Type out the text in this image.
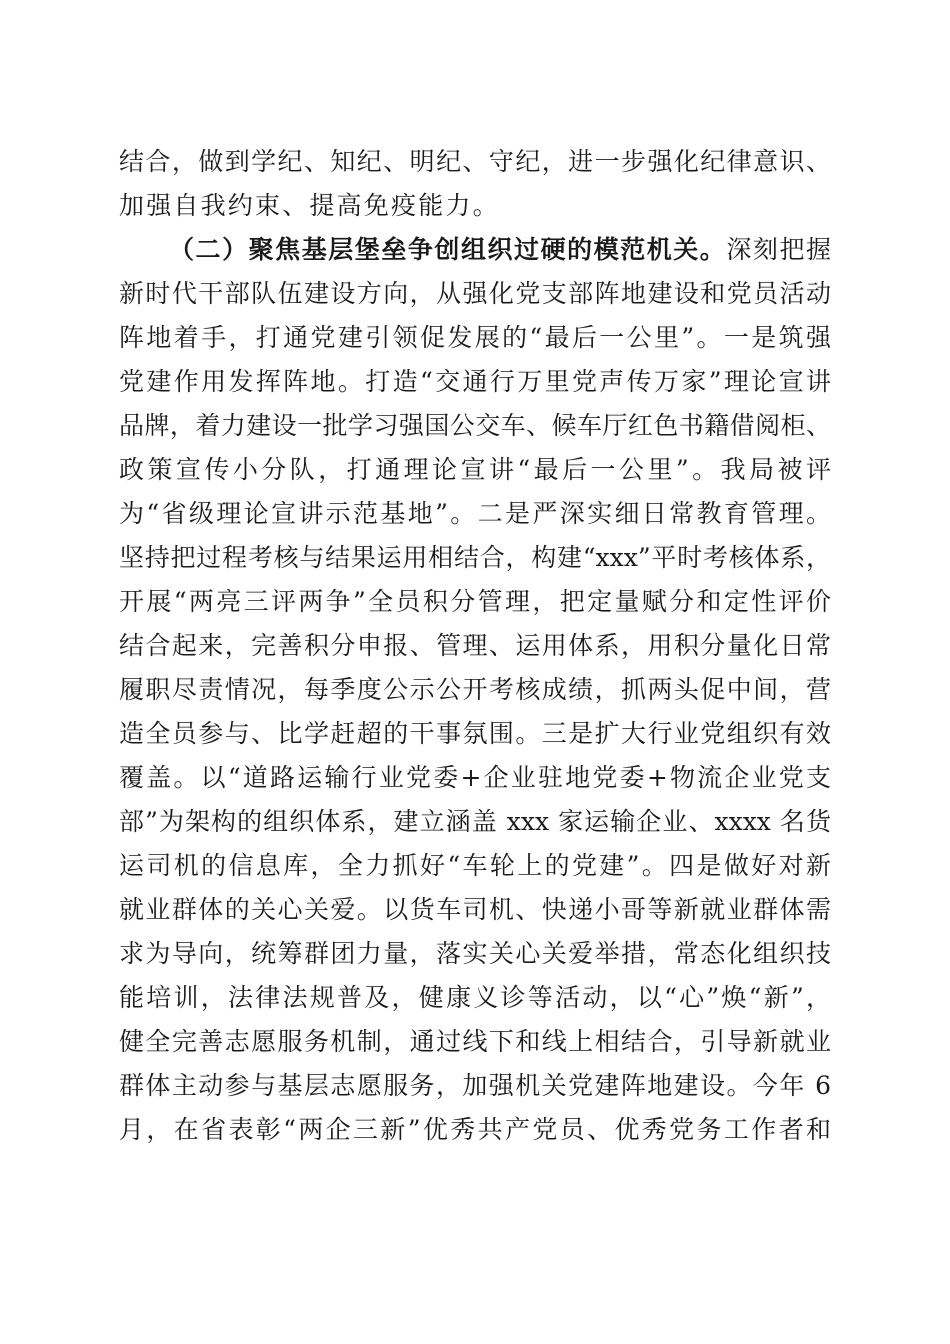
结合，做到学纪、知纪、明纪、守纪，进一步强化纪律意识、
加强自我约束、提高免疫能力。
（二）聚焦基层堡垒争创组织过硬的模范机关。深刻把握
新时代干部队伍建设方向，从强化党支部阵地建设和党员活动
阵地着手，打通党建引领促发展的“最后一公里”。一是筑强
党建作用发挥阵地。打造“交通行万里党声传万家”理论宣讲
品牌，着力建设一批学习强国公交车、候车厅红色书籍借阅柜、
政策宣传小分队，打通理论宣讲“最后一公里”。我局被评
为“省级理论宣讲示范基地”。二是严深实细日常教育管理。
坚持把过程考核与结果运用相结合，构建“xxx”平时考核体系，
开展“两亮三评两争”全员积分管理，把定量赋分和定性评价
结合起来，完善积分申报、管理、运用体系，用积分量化日常
履职尽责情况，每季度公示公开考核成绩，抓两头促中间，营
造全员参与、比学赶超的干事氛围。三是扩大行业党组织有效
覆盖。以“道路运输行业党委+企业驻地党委+物流企业党支
部”为架构的组织体系，建立涵盖 xxx 家运输企业、xxxx 名货
运司机的信息库，全力抓好“车轮上的党建”。四是做好对新
就业群体的关心关爱。以货车司机、快递小哥等新就业群体需
求为导向，统筹群团力量，落实关心关爱举措，常态化组织技
能培训，法律法规普及，健康义诊等活动，以“心”焕“新”，
健全完善志愿服务机制，通过线下和线上相结合，引导新就业
群体主动参与基层志愿服务，加强机关党建阵地建设。今年 6
月，在省表彰“两企三新”优秀共产党员、优秀党务工作者和
